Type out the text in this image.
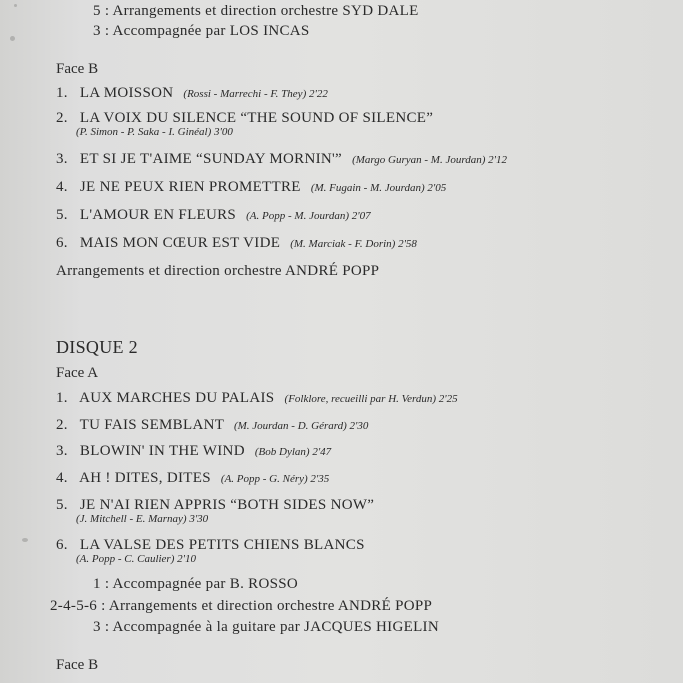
5 : Arrangements et direction orchestre SYD DALE
3 : Accompagnée par LOS INCAS
Face B
1. LA MOISSON (Rossi - Marrechi - F. They) 2'22
2. LA VOIX DU SILENCE “THE SOUND OF SILENCE”
(P. Simon - P. Saka - I. Ginéal) 3'00
3. ET SI JE T'AIME “SUNDAY MORNIN'” (Margo Guryan - M. Jourdan) 2'12
4. JE NE PEUX RIEN PROMETTRE (M. Fugain - M. Jourdan) 2'05
5. L'AMOUR EN FLEURS (A. Popp - M. Jourdan) 2'07
6. MAIS MON CŒUR EST VIDE (M. Marciak - F. Dorin) 2'58
Arrangements et direction orchestre ANDRÉ POPP
DISQUE 2
Face A
1. AUX MARCHES DU PALAIS (Folklore, recueilli par H. Verdun) 2'25
2. TU FAIS SEMBLANT (M. Jourdan - D. Gérard) 2'30
3. BLOWIN' IN THE WIND (Bob Dylan) 2'47
4. AH ! DITES, DITES (A. Popp - G. Néry) 2'35
5. JE N'AI RIEN APPRIS “BOTH SIDES NOW”
(J. Mitchell - E. Marnay) 3'30
6. LA VALSE DES PETITS CHIENS BLANCS
(A. Popp - C. Caulier) 2'10
1 : Accompagnée par B. ROSSO
2-4-5-6 : Arrangements et direction orchestre ANDRÉ POPP
3 : Accompagnée à la guitare par JACQUES HIGELIN
Face B
